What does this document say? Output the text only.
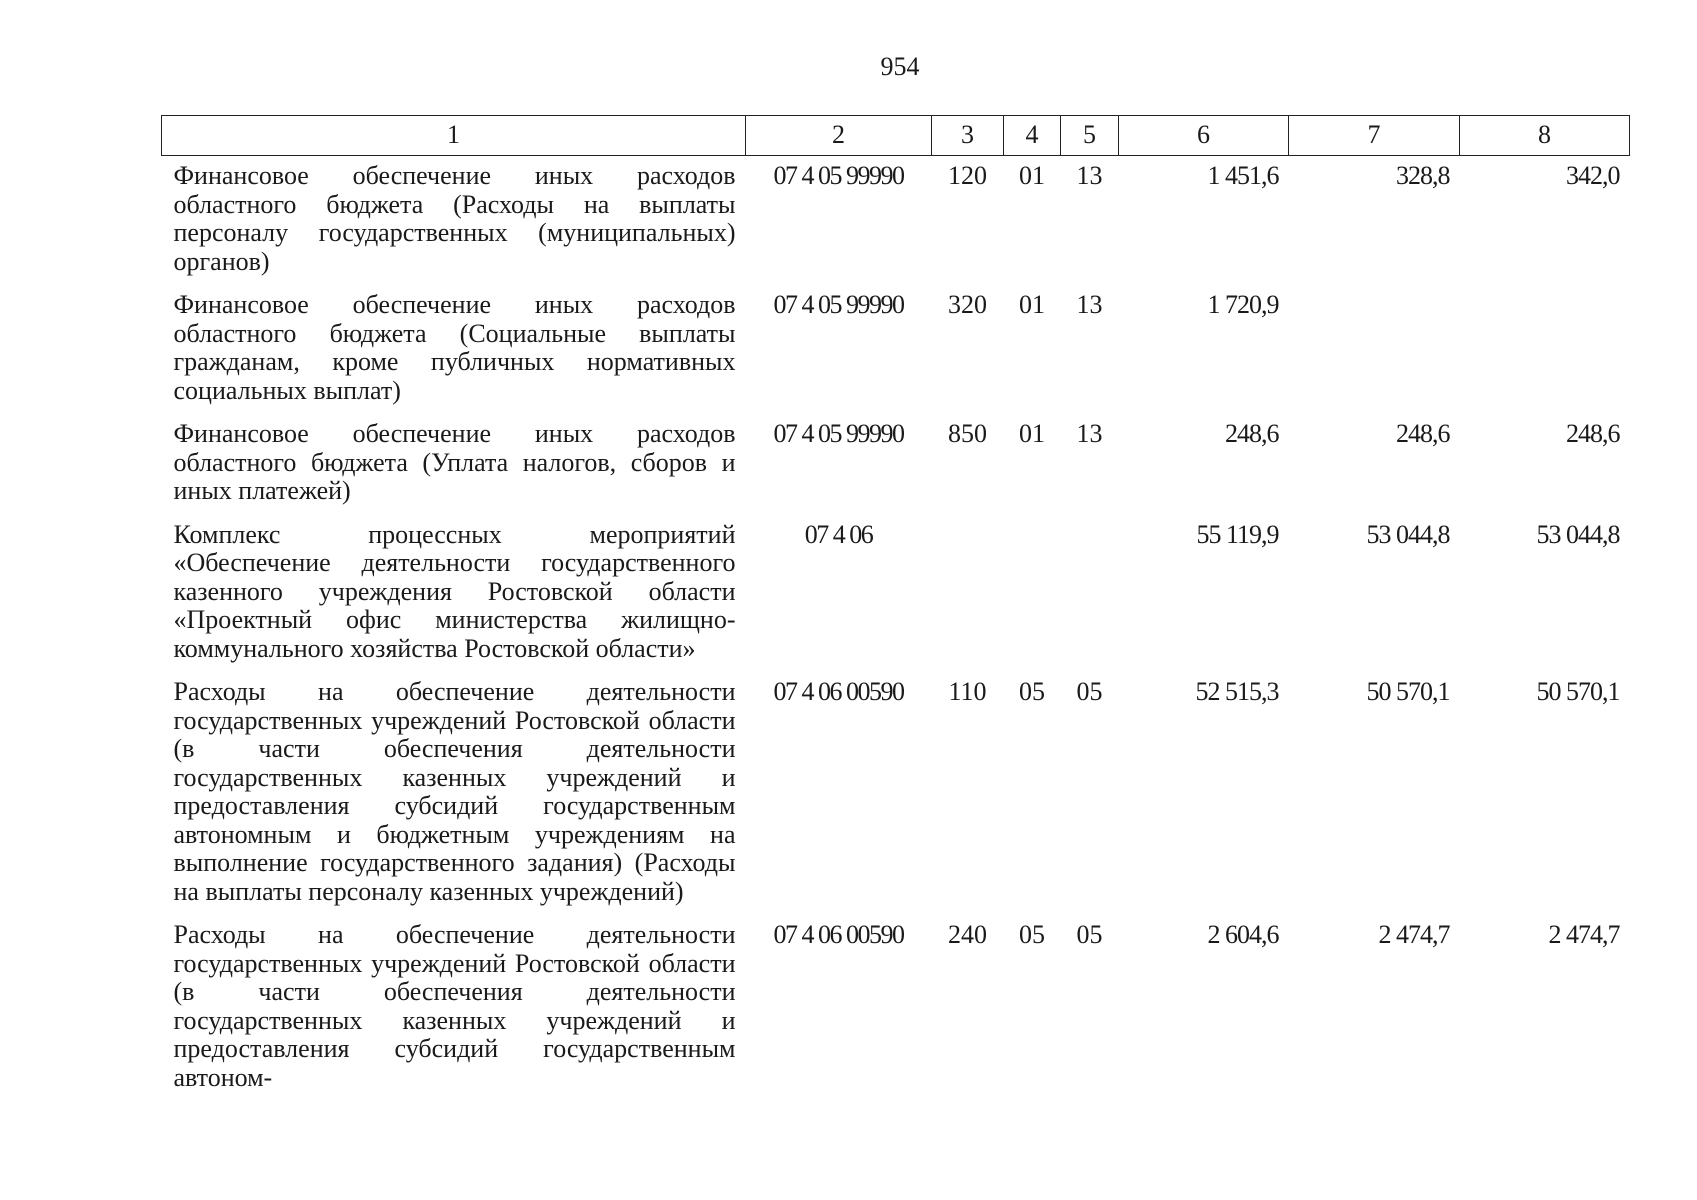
954
1	2	3	4	5	6	7	8
Финансовое обеспечение иных расходов областного бюджета (Расходы на выплаты персоналу государственных (муниципальных) органов)	07 4 05 99990	120	01	13	1 451,6	328,8	342,0
Финансовое обеспечение иных расходов областного бюджета (Социальные выплаты гражданам, кроме публичных нормативных социальных выплат)	07 4 05 99990	320	01	13	1 720,9		
Финансовое обеспечение иных расходов областного бюджета (Уплата налогов, сборов и иных платежей)	07 4 05 99990	850	01	13	248,6	248,6	248,6
Комплекс процессных мероприятий «Обеспечение деятельности государственного казенного учреждения Ростовской области «Проектный офис министерства жилищно-коммунального хозяйства Ростовской области»	07 4 06				55 119,9	53 044,8	53 044,8
Расходы на обеспечение деятельности государственных учреждений Ростовской области (в части обеспечения деятельности государственных казенных учреждений и предоставления субсидий государственным автономным и бюджетным учреждениям на выполнение государственного задания) (Расходы на выплаты персоналу казенных учреждений)	07 4 06 00590	110	05	05	52 515,3	50 570,1	50 570,1
Расходы на обеспечение деятельности государственных учреждений Ростовской области (в части обеспечения деятельности государственных казенных учреждений и предоставления субсидий государственным автоном-	07 4 06 00590	240	05	05	2 604,6	2 474,7	2 474,7
